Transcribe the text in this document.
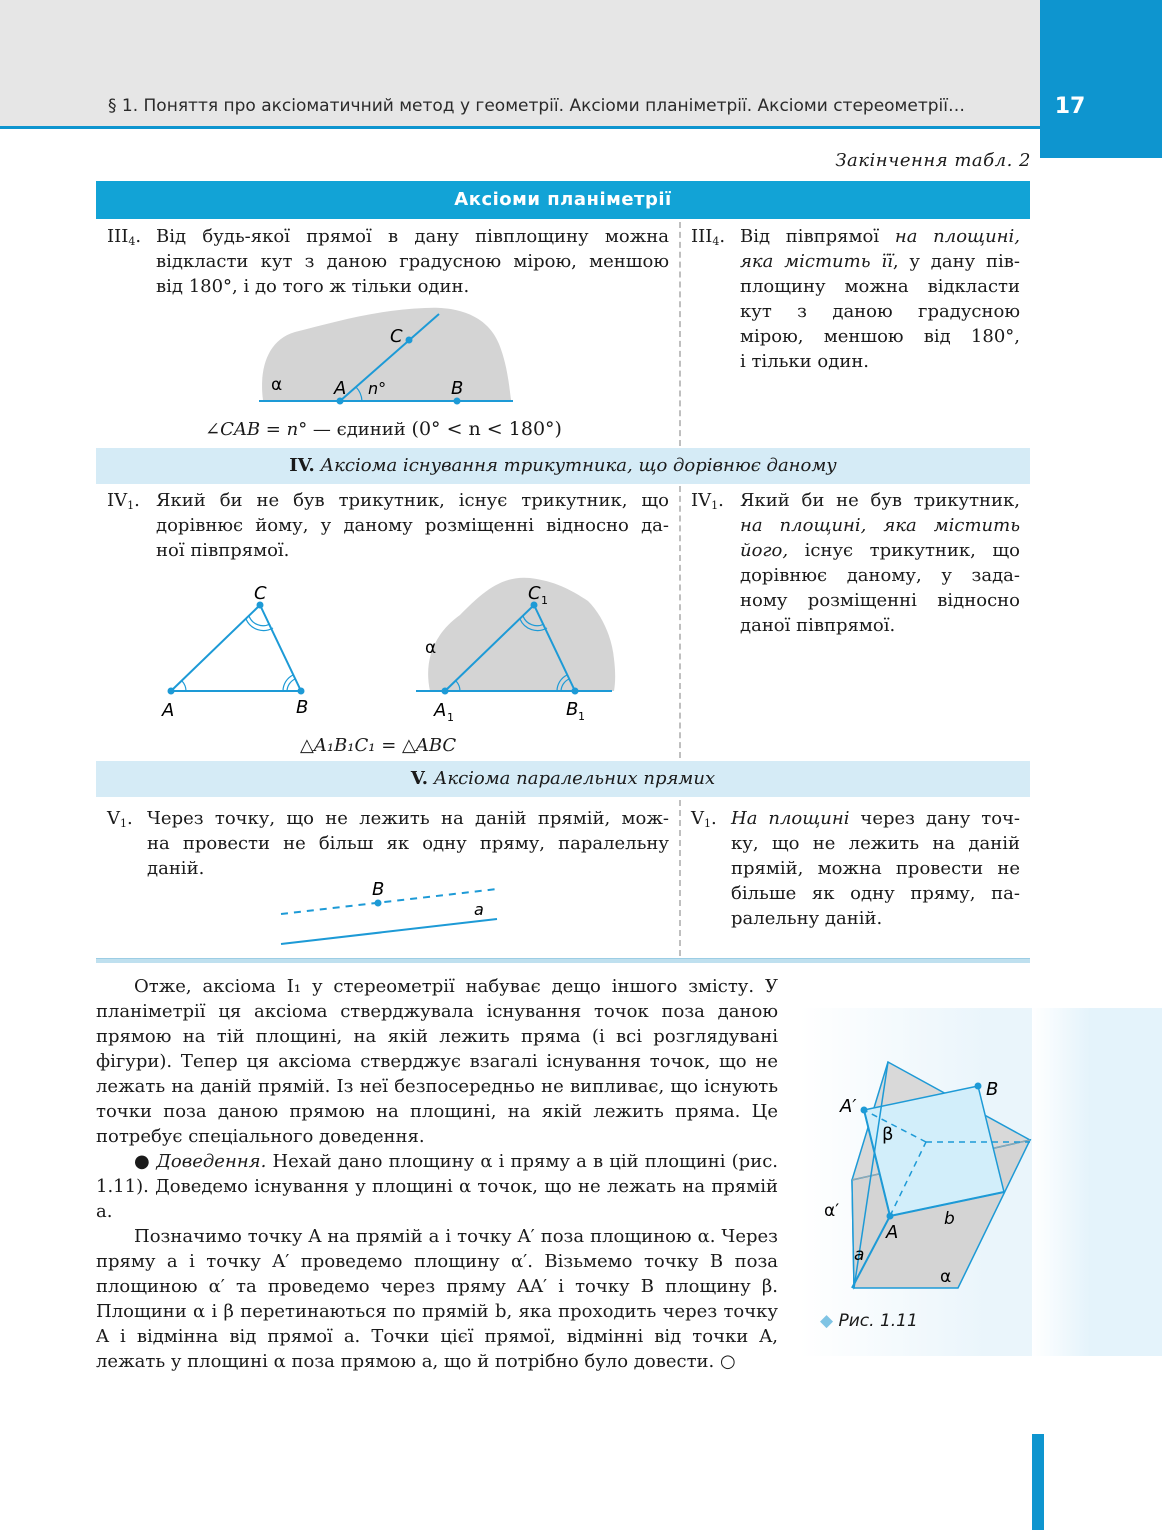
17
§ 1. Поняття про аксіоматичний метод у геометрії. Аксіоми планіметрії. Аксіоми стереометрії…
Закінчення табл. 2
Аксіоми планіметрії
$III_4$. Від будь-якої прямої в дану півплощину можна
відкласти кут з даною градусною мірою, меншою
від 180°, і до того ж тільки один.
α	A	B
C
n°
∠CAB = n° — єдиний (0° < n < 180°)
$III_4$. Від півпрямої на площині,
яка містить її, у дану пів-
площину можна відкласти
кут з даною градусною
мірою, меншою від 180°,
і тільки один.
IV. Аксіома існування трикутника, що дорівнює даному
$IV_1$. Який би не був трикутник, існує трикутник, що
дорівнює йому, у даному розміщенні відносно да-
ної півпрямої.
A	B
C
α
A 1	B 1
C 1
△A₁B₁C₁ = △ABC
$IV_1$. Який би не був трикутник,
на площині, яка містить
його, існує трикутник, що
дорівнює даному, у зада-
ному розміщенні відносно
даної півпрямої.
V. Аксіома паралельних прямих
$V_1$. Через точку, що не лежить на даній прямій, мож-
на провести не більш як одну пряму, паралельну
даній.
B
a
$V_1$. На площині через дану точ-
ку, що не лежить на даній
прямій, можна провести не
більше як одну пряму, па-
ралельну даній.

Отже, аксіома I₁ у стереометрії набуває дещо іншого змісту. У планіметрії ця аксіома стверджувала існування точок поза даною прямою на тій площині, на якій лежить пряма (і всі розглядувані фігури). Тепер ця аксіома стверджує взагалі існування точок, що не лежать на даній прямій. Із неї безпосередньо не випливає, що існують точки поза даною прямою на площині, на якій лежить пряма. Це потребує спеціального доведення.

● Доведення. Нехай дано площину α і пряму a в цій площині (рис. 1.11). Доведемо існування у площині α точок, що не лежать на прямій a.

Позначимо точку A на прямій a і точку A′ поза площиною α. Через пряму a і точку A′ проведемо площину α′. Візьмемо точку B поза площиною α′ та проведемо через пряму AA′ і точку B площину β. Площини α і β перетинаються по прямій b, яка проходить через точку A і відмінна від прямої a. Точки цієї прямої, відмінні від точки A, лежать у площині α поза прямою a, що й потрібно було довести. ○

A′
B
β
α′
A
b
a
α
◆ Рис. 1.11
